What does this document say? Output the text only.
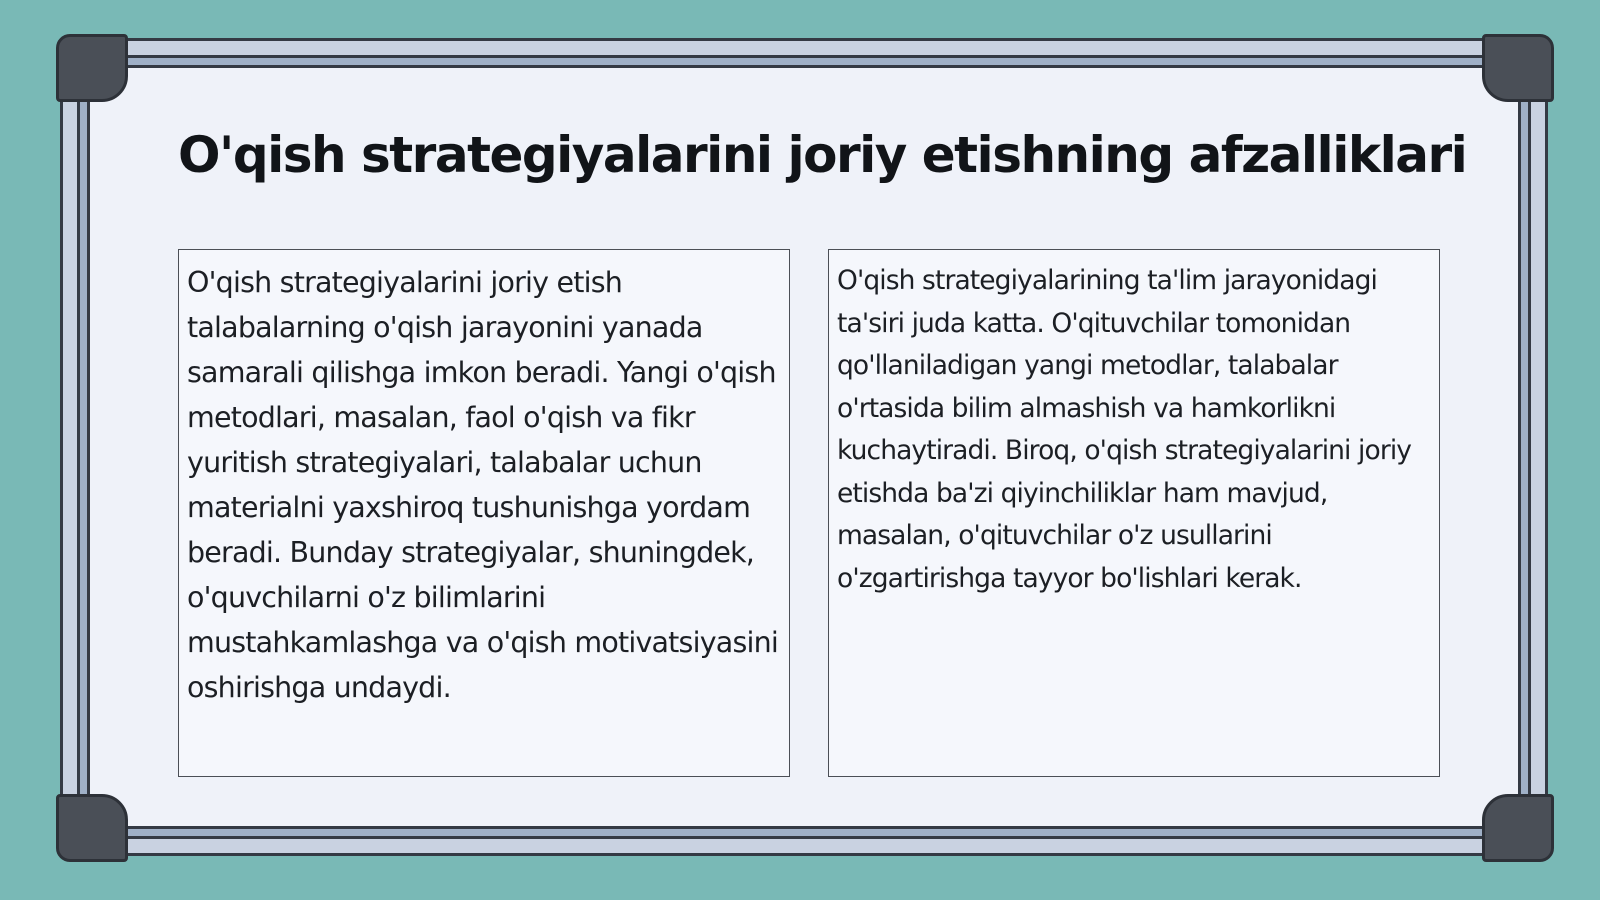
O'qish strategiyalarini joriy etishning afzalliklari
O'qish strategiyalarini joriy etish talabalarning o'qish jarayonini yanada samarali qilishga imkon beradi. Yangi o'qish metodlari, masalan, faol o'qish va fikr yuritish strategiyalari, talabalar uchun materialni yaxshiroq tushunishga yordam beradi. Bunday strategiyalar, shuningdek, o'quvchilarni o'z bilimlarini mustahkamlashga va o'qish motivatsiyasini oshirishga undaydi.
O'qish strategiyalarining ta'lim jarayonidagi ta'siri juda katta. O'qituvchilar tomonidan qo'llaniladigan yangi metodlar, talabalar o'rtasida bilim almashish va hamkorlikni kuchaytiradi. Biroq, o'qish strategiyalarini joriy etishda ba'zi qiyinchiliklar ham mavjud, masalan, o'qituvchilar o'z usullarini o'zgartirishga tayyor bo'lishlari kerak.
